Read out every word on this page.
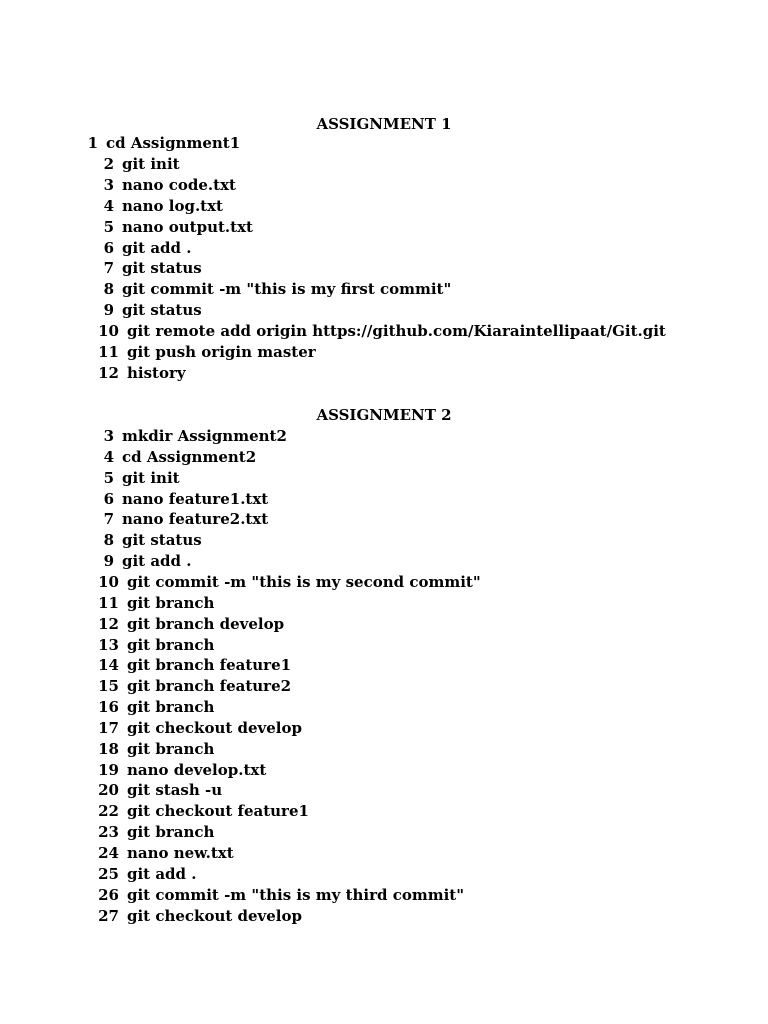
ASSIGNMENT 1
1 cd Assignment1
2 git init
3 nano code.txt
4 nano log.txt
5 nano output.txt
6 git add .
7 git status
8 git commit -m "this is my first commit"
9 git status
10 git remote add origin https://github.com/Kiaraintellipaat/Git.git
11 git push origin master
12 history
ASSIGNMENT 2
3 mkdir Assignment2
4 cd Assignment2
5 git init
6 nano feature1.txt
7 nano feature2.txt
8 git status
9 git add .
10 git commit -m "this is my second commit"
11 git branch
12 git branch develop
13 git branch
14 git branch feature1
15 git branch feature2
16 git branch
17 git checkout develop
18 git branch
19 nano develop.txt
20 git stash -u
22 git checkout feature1
23 git branch
24 nano new.txt
25 git add .
26 git commit -m "this is my third commit"
27 git checkout develop
